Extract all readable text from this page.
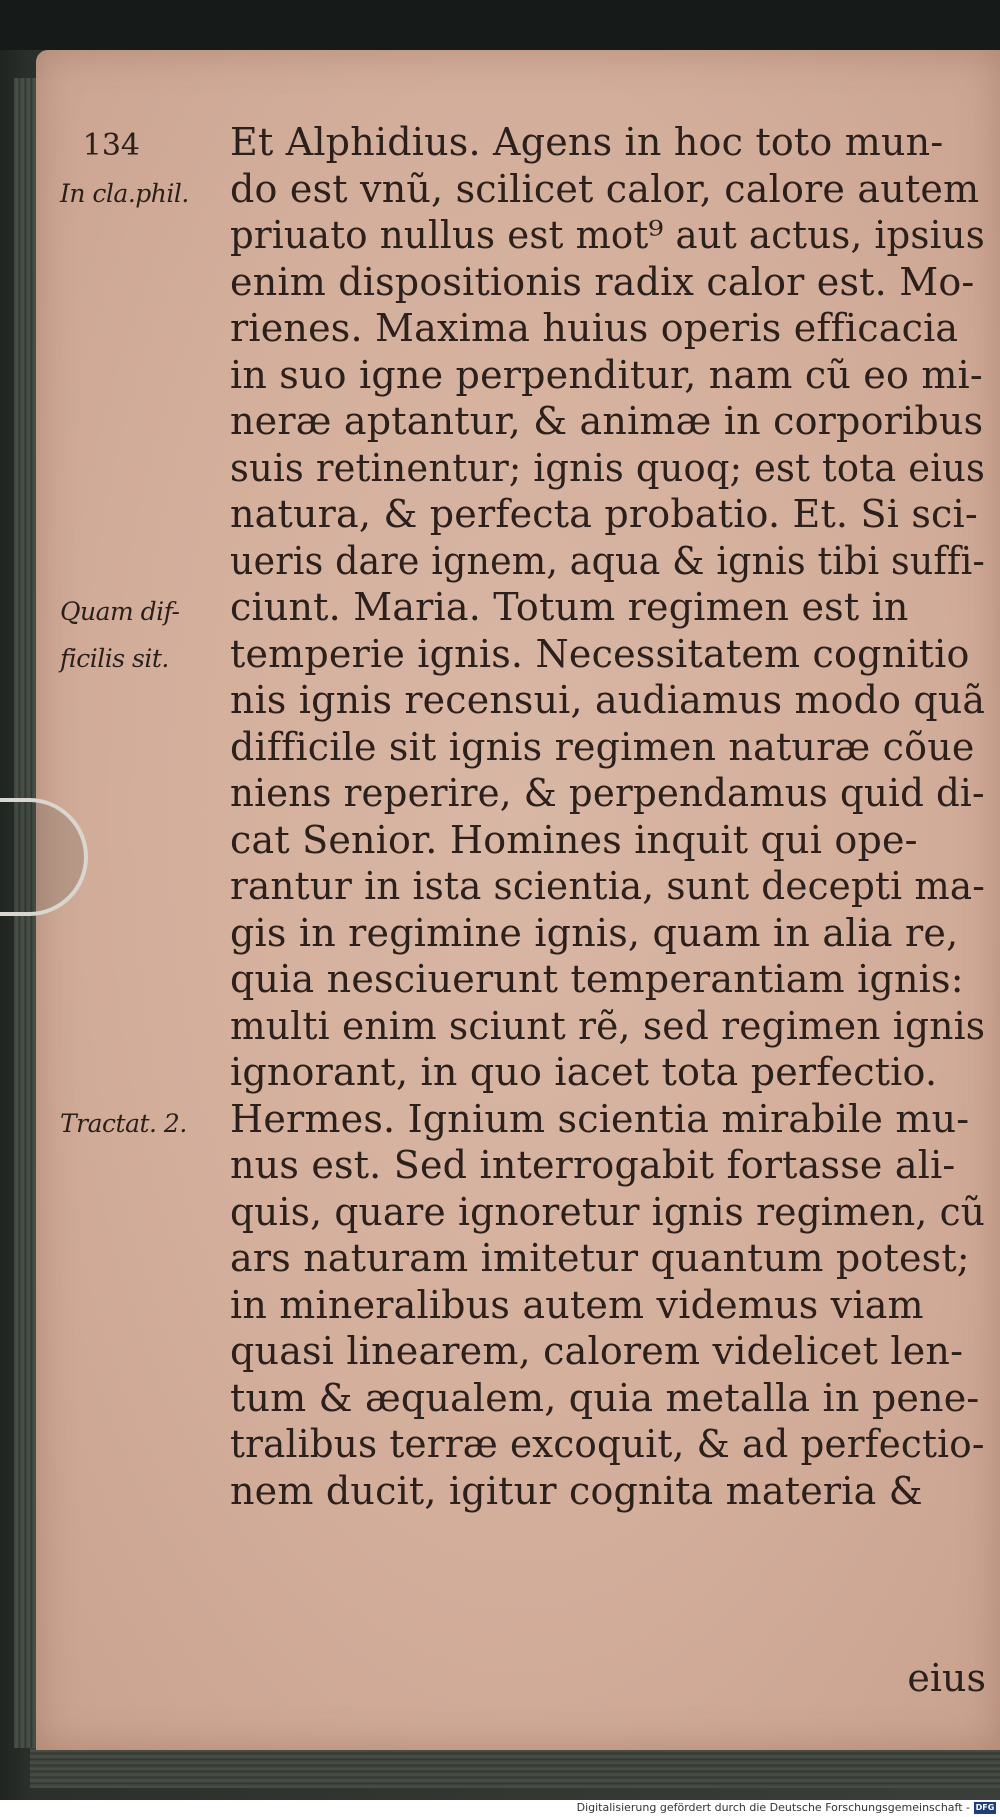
134	Et Alphidius. Agens in hoc toto mun-
In cla.phil.	do est vnũ, scilicet calor, calore autem
priuato nullus est mot⁹ aut actus, ipsius
enim dispositionis radix calor est. Mo-
rienes. Maxima huius operis efficacia
in suo igne perpenditur, nam cũ eo mi-
neræ aptantur, & animæ in corporibus
suis retinentur; ignis quoq; est tota eius
natura, & perfecta probatio. Et. Si sci-
ueris dare ignem, aqua & ignis tibi suffi-
Quam dif-	ciunt. Maria. Totum regimen est in
ficilis sit.	temperie ignis. Necessitatem cognitio
nis ignis recensui, audiamus modo quã
difficile sit ignis regimen naturæ cõue
niens reperire, & perpendamus quid di-
cat Senior. Homines inquit qui ope-
rantur in ista scientia, sunt decepti ma-
gis in regimine ignis, quam in alia re,
quia nesciuerunt temperantiam ignis:
multi enim sciunt rẽ, sed regimen ignis
ignorant, in quo iacet tota perfectio.
Tractat. 2.	Hermes. Ignium scientia mirabile mu-
nus est. Sed interrogabit fortasse ali-
quis, quare ignoretur ignis regimen, cũ
ars naturam imitetur quantum potest;
in mineralibus autem videmus viam
quasi linearem, calorem videlicet len-
tum & æqualem, quia metalla in pene-
tralibus terræ excoquit, & ad perfectio-
nem ducit, igitur cognita materia &
eius
Digitalisierung gefördert durch die Deutsche Forschungsgemeinschaft - DFG
